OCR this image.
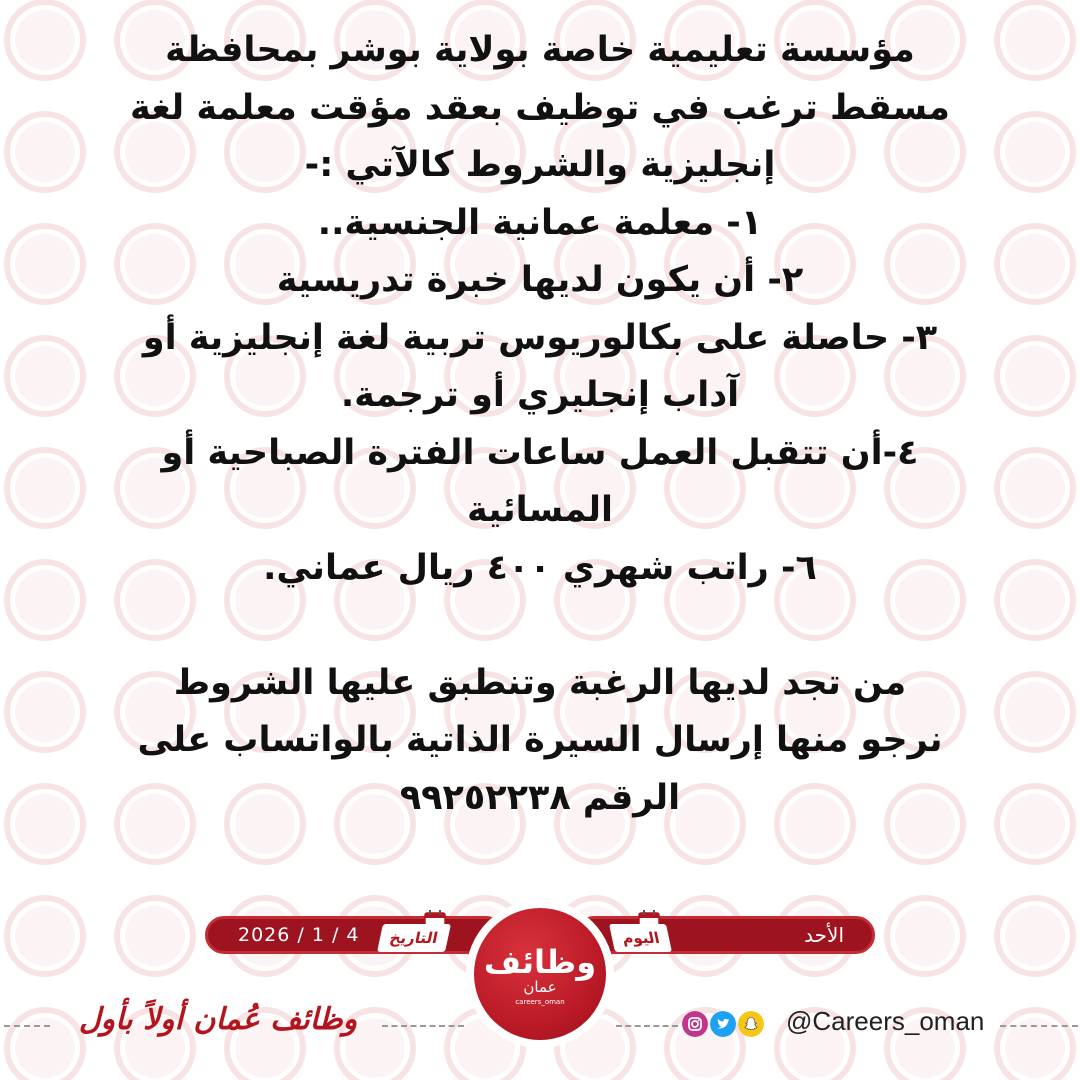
مؤسسة تعليمية خاصة بولاية بوشر بمحافظة
مسقط ترغب في توظيف بعقد مؤقت معلمة لغة
إنجليزية والشروط كالآتي :-
١- معلمة عمانية الجنسية..
٢- أن يكون لديها خبرة تدريسية
٣- حاصلة على بكالوريوس تربية لغة إنجليزية أو
آداب إنجليري أو ترجمة.
٤-أن تتقبل العمل ساعات الفترة الصباحية أو
المسائية
٦- راتب شهري ٤٠٠ ريال عماني.
من تجد لديها الرغبة وتنطبق عليها الشروط
نرجو منها إرسال السيرة الذاتية بالواتساب على
الرقم ٩٩٢٥٢٢٣٨
2026 / 1 / 4	الأحد
التاريخ	اليوم
وظائف
عمان
careers_oman
وظائف عُمان أولاً بأول	@Careers_oman
